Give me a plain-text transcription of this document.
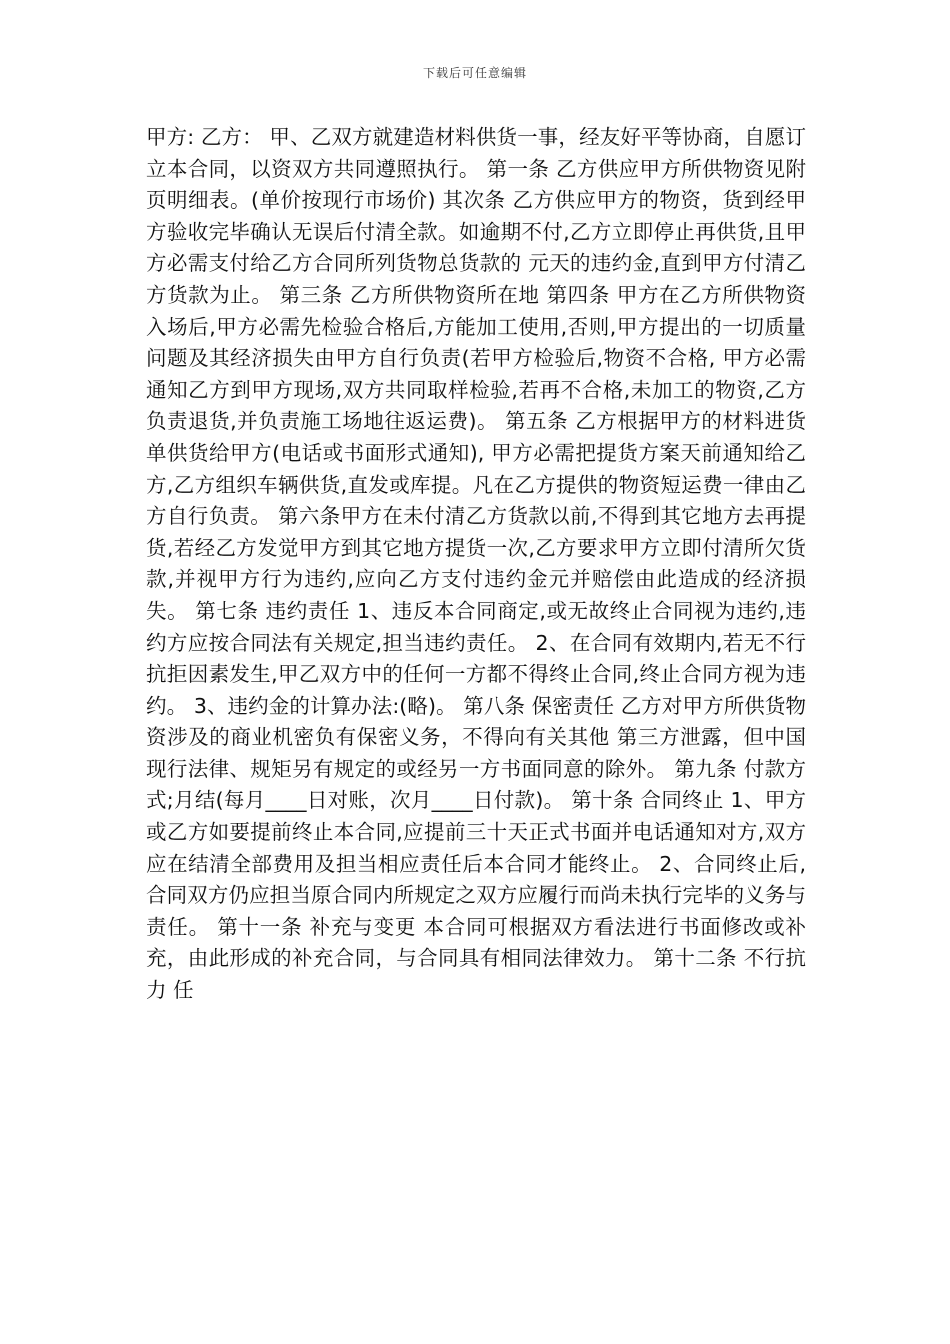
下载后可任意编辑

甲方: 乙方： 甲、乙双方就建造材料供货一事，经友好平等协商，自愿订立本合同，以资双方共同遵照执行。 第一条 乙方供应甲方所供物资见附页明细表。(单价按现行市场价) 其次条 乙方供应甲方的物资，货到经甲方验收完毕确认无误后付清全款。如逾期不付,乙方立即停止再供货,且甲方必需支付给乙方合同所列货物总货款的 元天的违约金,直到甲方付清乙方货款为止。 第三条 乙方所供物资所在地 第四条 甲方在乙方所供物资入场后,甲方必需先检验合格后,方能加工使用,否则,甲方提出的一切质量问题及其经济损失由甲方自行负责(若甲方检验后,物资不合格, 甲方必需通知乙方到甲方现场,双方共同取样检验,若再不合格,未加工的物资,乙方负责退货,并负责施工场地往返运费)。 第五条 乙方根据甲方的材料进货单供货给甲方(电话或书面形式通知), 甲方必需把提货方案天前通知给乙方,乙方组织车辆供货,直发或库提。凡在乙方提供的物资短运费一律由乙方自行负责。 第六条甲方在未付清乙方货款以前,不得到其它地方去再提货,若经乙方发觉甲方到其它地方提货一次,乙方要求甲方立即付清所欠货款,并视甲方行为违约,应向乙方支付违约金元并赔偿由此造成的经济损失。 第七条 违约责任 1、违反本合同商定,或无故终止合同视为违约,违约方应按合同法有关规定,担当违约责任。 2、在合同有效期内,若无不行抗拒因素发生,甲乙双方中的任何一方都不得终止合同,终止合同方视为违约。 3、违约金的计算办法:(略)。 第八条 保密责任 乙方对甲方所供货物资涉及的商业机密负有保密义务，不得向有关其他 第三方泄露，但中国现行法律、规矩另有规定的或经另一方书面同意的除外。 第九条 付款方式;月结(每月____日对账，次月____日付款)。 第十条 合同终止 1、甲方或乙方如要提前终止本合同,应提前三十天正式书面并电话通知对方,双方应在结清全部费用及担当相应责任后本合同才能终止。 2、合同终止后,合同双方仍应担当原合同内所规定之双方应履行而尚未执行完毕的义务与责任。 第十一条 补充与变更 本合同可根据双方看法进行书面修改或补充，由此形成的补充合同，与合同具有相同法律效力。 第十二条 不行抗力 任
